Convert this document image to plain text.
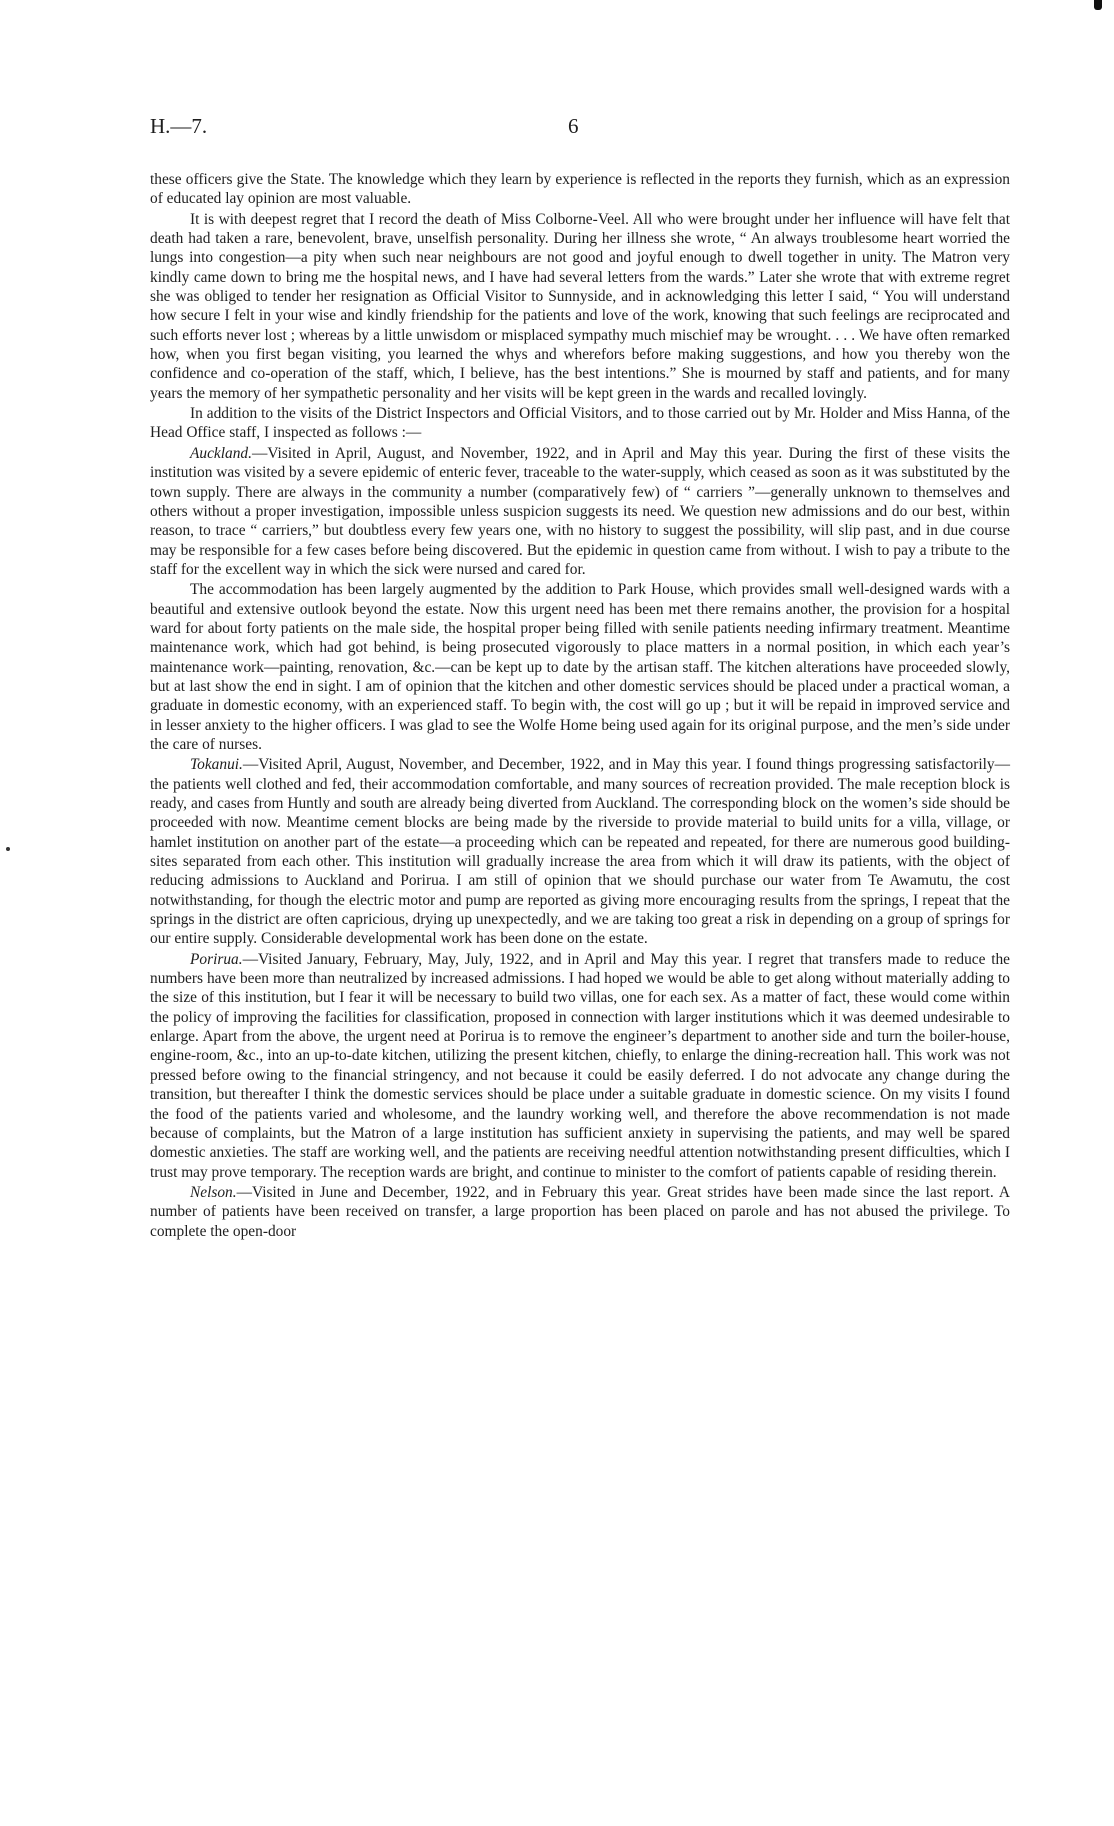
H.—7.	6

these officers give the State. The knowledge which they learn by experience is reflected in the reports they furnish, which as an expression of educated lay opinion are most valuable.

It is with deepest regret that I record the death of Miss Colborne-Veel. All who were brought under her influence will have felt that death had taken a rare, benevolent, brave, unselfish personality. During her illness she wrote, “ An always troublesome heart worried the lungs into congestion—a pity when such near neighbours are not good and joyful enough to dwell together in unity. The Matron very kindly came down to bring me the hospital news, and I have had several letters from the wards.” Later she wrote that with extreme regret she was obliged to tender her resignation as Official Visitor to Sunnyside, and in acknowledging this letter I said, “ You will understand how secure I felt in your wise and kindly friendship for the patients and love of the work, knowing that such feelings are reciprocated and such efforts never lost ; whereas by a little unwisdom or misplaced sympathy much mischief may be wrought. . . . We have often remarked how, when you first began visiting, you learned the whys and wherefors before making suggestions, and how you thereby won the confidence and co-operation of the staff, which, I believe, has the best intentions.” She is mourned by staff and patients, and for many years the memory of her sympathetic personality and her visits will be kept green in the wards and recalled lovingly.

In addition to the visits of the District Inspectors and Official Visitors, and to those carried out by Mr. Holder and Miss Hanna, of the Head Office staff, I inspected as follows :—

Auckland.—Visited in April, August, and November, 1922, and in April and May this year. During the first of these visits the institution was visited by a severe epidemic of enteric fever, traceable to the water-supply, which ceased as soon as it was substituted by the town supply. There are always in the community a number (comparatively few) of “ carriers ”—generally unknown to themselves and others without a proper investigation, impossible unless suspicion suggests its need. We question new admissions and do our best, within reason, to trace “ carriers,” but doubtless every few years one, with no history to suggest the possibility, will slip past, and in due course may be responsible for a few cases before being discovered. But the epidemic in question came from without. I wish to pay a tribute to the staff for the excellent way in which the sick were nursed and cared for.

The accommodation has been largely augmented by the addition to Park House, which provides small well-designed wards with a beautiful and extensive outlook beyond the estate. Now this urgent need has been met there remains another, the provision for a hospital ward for about forty patients on the male side, the hospital proper being filled with senile patients needing infirmary treatment. Meantime maintenance work, which had got behind, is being prosecuted vigorously to place matters in a normal position, in which each year’s maintenance work—painting, renovation, &c.—can be kept up to date by the artisan staff. The kitchen alterations have proceeded slowly, but at last show the end in sight. I am of opinion that the kitchen and other domestic services should be placed under a practical woman, a graduate in domestic economy, with an experienced staff. To begin with, the cost will go up ; but it will be repaid in improved service and in lesser anxiety to the higher officers. I was glad to see the Wolfe Home being used again for its original purpose, and the men’s side under the care of nurses.

Tokanui.—Visited April, August, November, and December, 1922, and in May this year. I found things progressing satisfactorily—the patients well clothed and fed, their accommodation comfortable, and many sources of recreation provided. The male reception block is ready, and cases from Huntly and south are already being diverted from Auckland. The corresponding block on the women’s side should be proceeded with now. Meantime cement blocks are being made by the riverside to provide material to build units for a villa, village, or hamlet institution on another part of the estate—a proceeding which can be repeated and repeated, for there are numerous good building-sites separated from each other. This institution will gradually increase the area from which it will draw its patients, with the object of reducing admissions to Auckland and Porirua. I am still of opinion that we should purchase our water from Te Awamutu, the cost notwithstanding, for though the electric motor and pump are reported as giving more encouraging results from the springs, I repeat that the springs in the district are often capricious, drying up unexpectedly, and we are taking too great a risk in depending on a group of springs for our entire supply. Considerable developmental work has been done on the estate.

Porirua.—Visited January, February, May, July, 1922, and in April and May this year. I regret that transfers made to reduce the numbers have been more than neutralized by increased admissions. I had hoped we would be able to get along without materially adding to the size of this institution, but I fear it will be necessary to build two villas, one for each sex. As a matter of fact, these would come within the policy of improving the facilities for classification, proposed in connection with larger institutions which it was deemed undesirable to enlarge. Apart from the above, the urgent need at Porirua is to remove the engineer’s department to another side and turn the boiler-house, engine-room, &c., into an up-to-date kitchen, utilizing the present kitchen, chiefly, to enlarge the dining-recreation hall. This work was not pressed before owing to the financial stringency, and not because it could be easily deferred. I do not advocate any change during the transition, but thereafter I think the domestic services should be place under a suitable graduate in domestic science. On my visits I found the food of the patients varied and wholesome, and the laundry working well, and therefore the above recommendation is not made because of complaints, but the Matron of a large institution has sufficient anxiety in supervising the patients, and may well be spared domestic anxieties. The staff are working well, and the patients are receiving needful attention notwithstanding present difficulties, which I trust may prove temporary. The reception wards are bright, and continue to minister to the comfort of patients capable of residing therein.

Nelson.—Visited in June and December, 1922, and in February this year. Great strides have been made since the last report. A number of patients have been received on transfer, a large proportion has been placed on parole and has not abused the privilege. To complete the open-door
